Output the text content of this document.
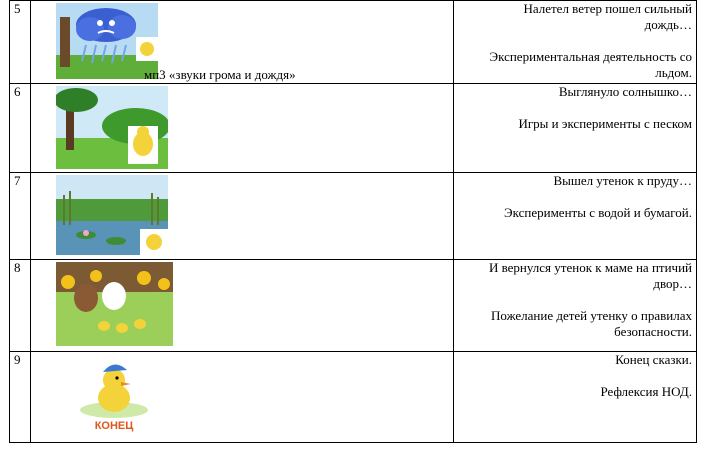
5	мп3 «звуки грома и дождя»	Налетел ветер пошел сильный

дождь…

Экспериментальная деятельность со

льдом.

6		Выглянуло солнышко…

Игры и эксперименты с песком

7		Вышел утенок к пруду…

Эксперименты с водой и бумагой.

8		И вернулся утенок к маме на птичий

двор…

Пожелание детей утенку о правилах

безопасности.

9	КОНЕЦ	Конец сказки.

Рефлексия НОД.
